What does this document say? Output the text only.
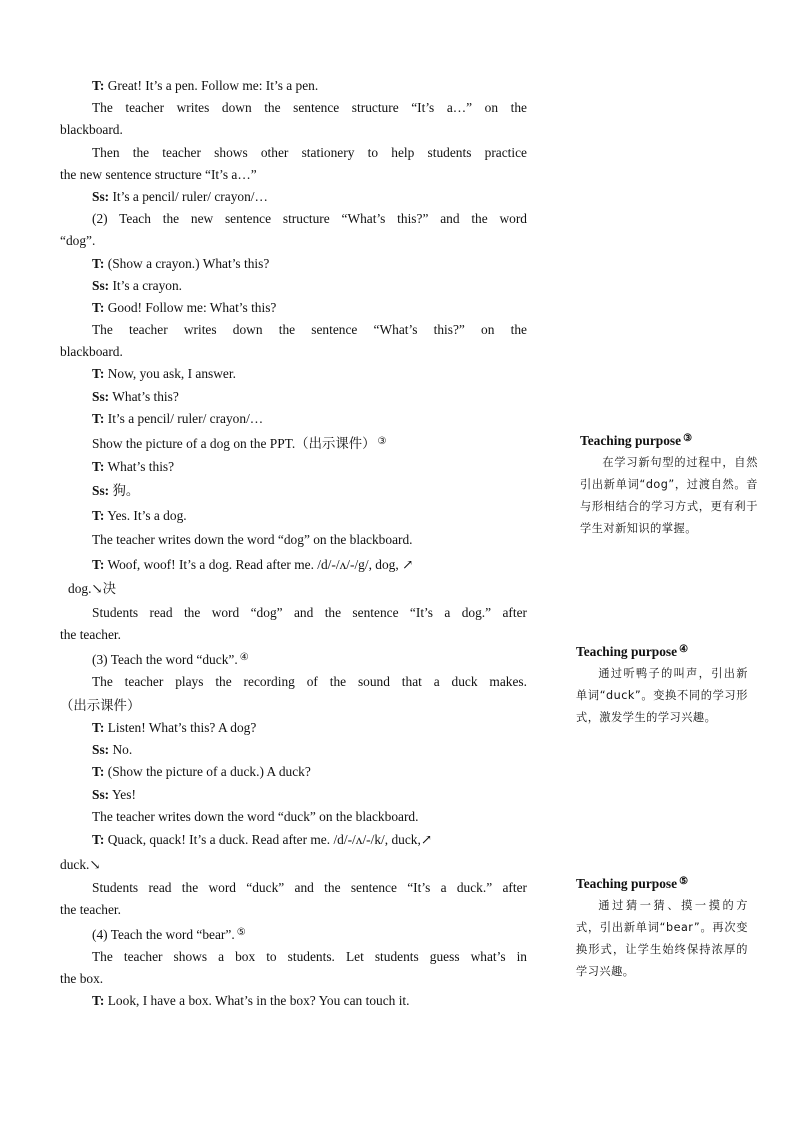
T: Great! It’s a pen. Follow me: It’s a pen.
The teacher writes down the sentence structure “It’s a…” on the
blackboard.
Then the teacher shows other stationery to help students practice
the new sentence structure “It’s a…”
Ss: It’s a pencil/ ruler/ crayon/…
(2) Teach the new sentence structure “What’s this?” and the word
“dog”.
T: (Show a crayon.) What’s this?
Ss: It’s a crayon.
T: Good! Follow me: What’s this?
The teacher writes down the sentence “What’s this?” on the
blackboard.
T: Now, you ask, I answer.
Ss: What’s this?
T: It’s a pencil/ ruler/ crayon/…
Show the picture of a dog on the PPT.（出示课件） ③
T: What’s this?
Ss: 狗。
T: Yes. It’s a dog.
The teacher writes down the word “dog” on the blackboard.
T: Woof, woof! It’s a dog. Read after me. /d/-/ʌ/-/g/, dog, ↗
dog.↘决
Students read the word “dog” and the sentence “It’s a dog.” after
the teacher.
(3) Teach the word “duck”. ④
The teacher plays the recording of the sound that a duck makes.
（出示课件）
T: Listen! What’s this? A dog?
Ss: No.
T: (Show the picture of a duck.) A duck?
Ss: Yes!
The teacher writes down the word “duck” on the blackboard.
T: Quack, quack! It’s a duck. Read after me. /d/-/ʌ/-/k/, duck,↗
duck.↘
Students read the word “duck” and the sentence “It’s a duck.” after
the teacher.
(4) Teach the word “bear”. ⑤
The teacher shows a box to students. Let students guess what’s in
the box.
T: Look, I have a box. What’s in the box? You can touch it.
Teaching purpose ③
在学习新句型的过程中，自然引出新单词“dog”，过渡自然。音与形相结合的学习方式，更有利于学生对新知识的掌握。
Teaching purpose ④
通过听鸭子的叫声，引出新单词“duck”。变换不同的学习形式，激发学生的学习兴趣。
Teaching purpose ⑤
通过猜一猜、摸一摸的方式，引出新单词“bear”。再次变换形式，让学生始终保持浓厚的学习兴趣。
